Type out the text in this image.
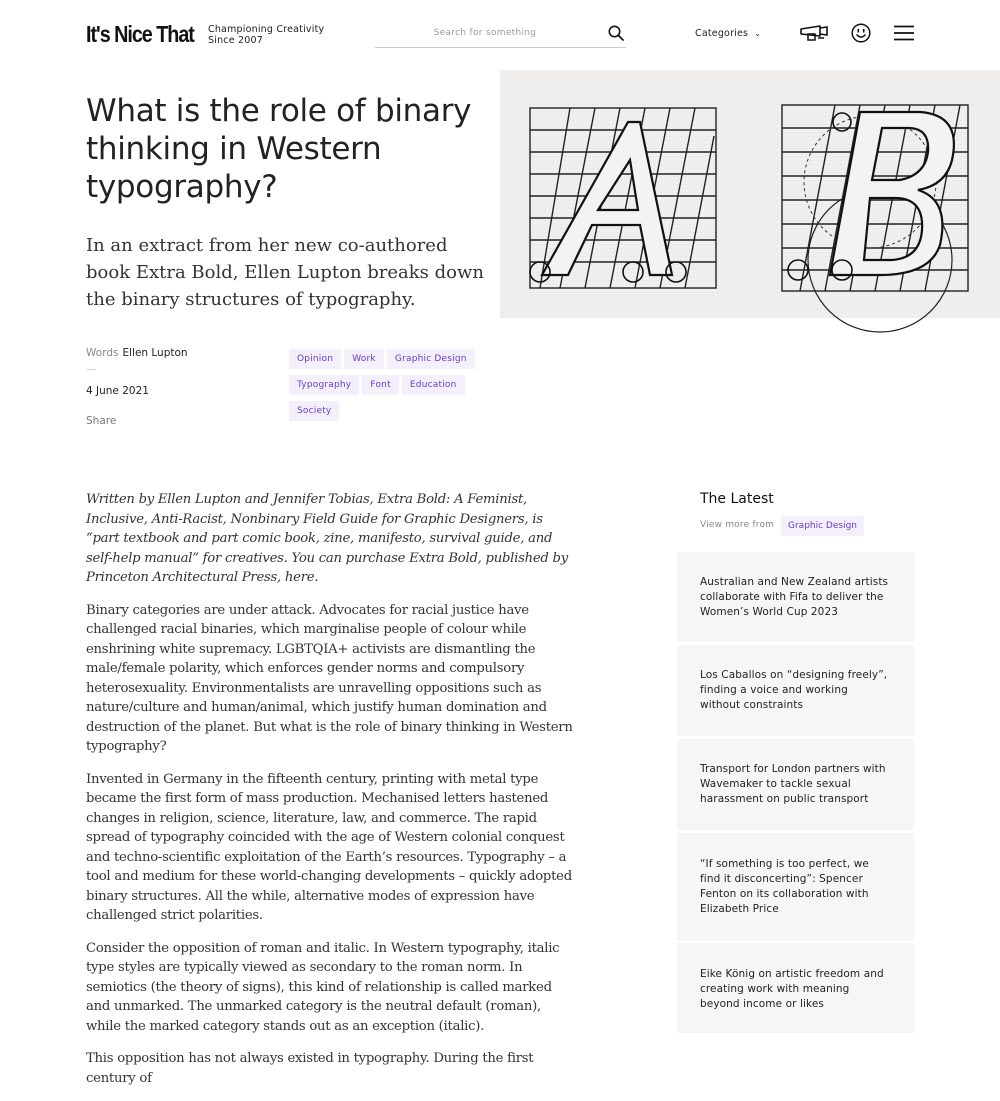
It's Nice That Championing Creativity
Since 2007
Search for something
Categories ⌄
What is the role of binary thinking in Western typography?

In an extract from her new co-authored book Extra Bold, Ellen Lupton breaks down the binary structures of typography.

Words Ellen Lupton
—
4 June 2021
Share
Opinion Work Graphic Design
Typography Font Education
Society

Written by Ellen Lupton and Jennifer Tobias, Extra Bold: A Feminist, Inclusive, Anti-Racist, Nonbinary Field Guide for Graphic Designers, is “part textbook and part comic book, zine, manifesto, survival guide, and self-help manual” for creatives. You can purchase Extra Bold, published by Princeton Architectural Press, here.

Binary categories are under attack. Advocates for racial justice have challenged racial binaries, which marginalise people of colour while enshrining white supremacy. LGBTQIA+ activists are dismantling the male/female polarity, which enforces gender norms and compulsory heterosexuality. Environmentalists are unravelling oppositions such as nature/culture and human/animal, which justify human domination and destruction of the planet. But what is the role of binary thinking in Western typography?

Invented in Germany in the fifteenth century, printing with metal type became the first form of mass production. Mechanised letters hastened changes in religion, science, literature, law, and commerce. The rapid spread of typography coincided with the age of Western colonial conquest and techno-scientific exploitation of the Earth’s resources. Typography – a tool and medium for these world-changing developments – quickly adopted binary structures. All the while, alternative modes of expression have challenged strict polarities.

Consider the opposition of roman and italic. In Western typography, italic type styles are typically viewed as secondary to the roman norm. In semiotics (the theory of signs), this kind of relationship is called marked and unmarked. The unmarked category is the neutral default (roman), while the marked category stands out as an exception (italic).

This opposition has not always existed in typography. During the first century of

The Latest
View more from	Graphic Design
Australian and New Zealand artists collaborate with Fifa to deliver the Women’s World Cup 2023
Los Caballos on “designing freely”, finding a voice and working without constraints
Transport for London partners with Wavemaker to tackle sexual harassment on public transport
“If something is too perfect, we find it disconcerting”: Spencer Fenton on its collaboration with Elizabeth Price
Eike König on artistic freedom and creating work with meaning beyond income or likes
